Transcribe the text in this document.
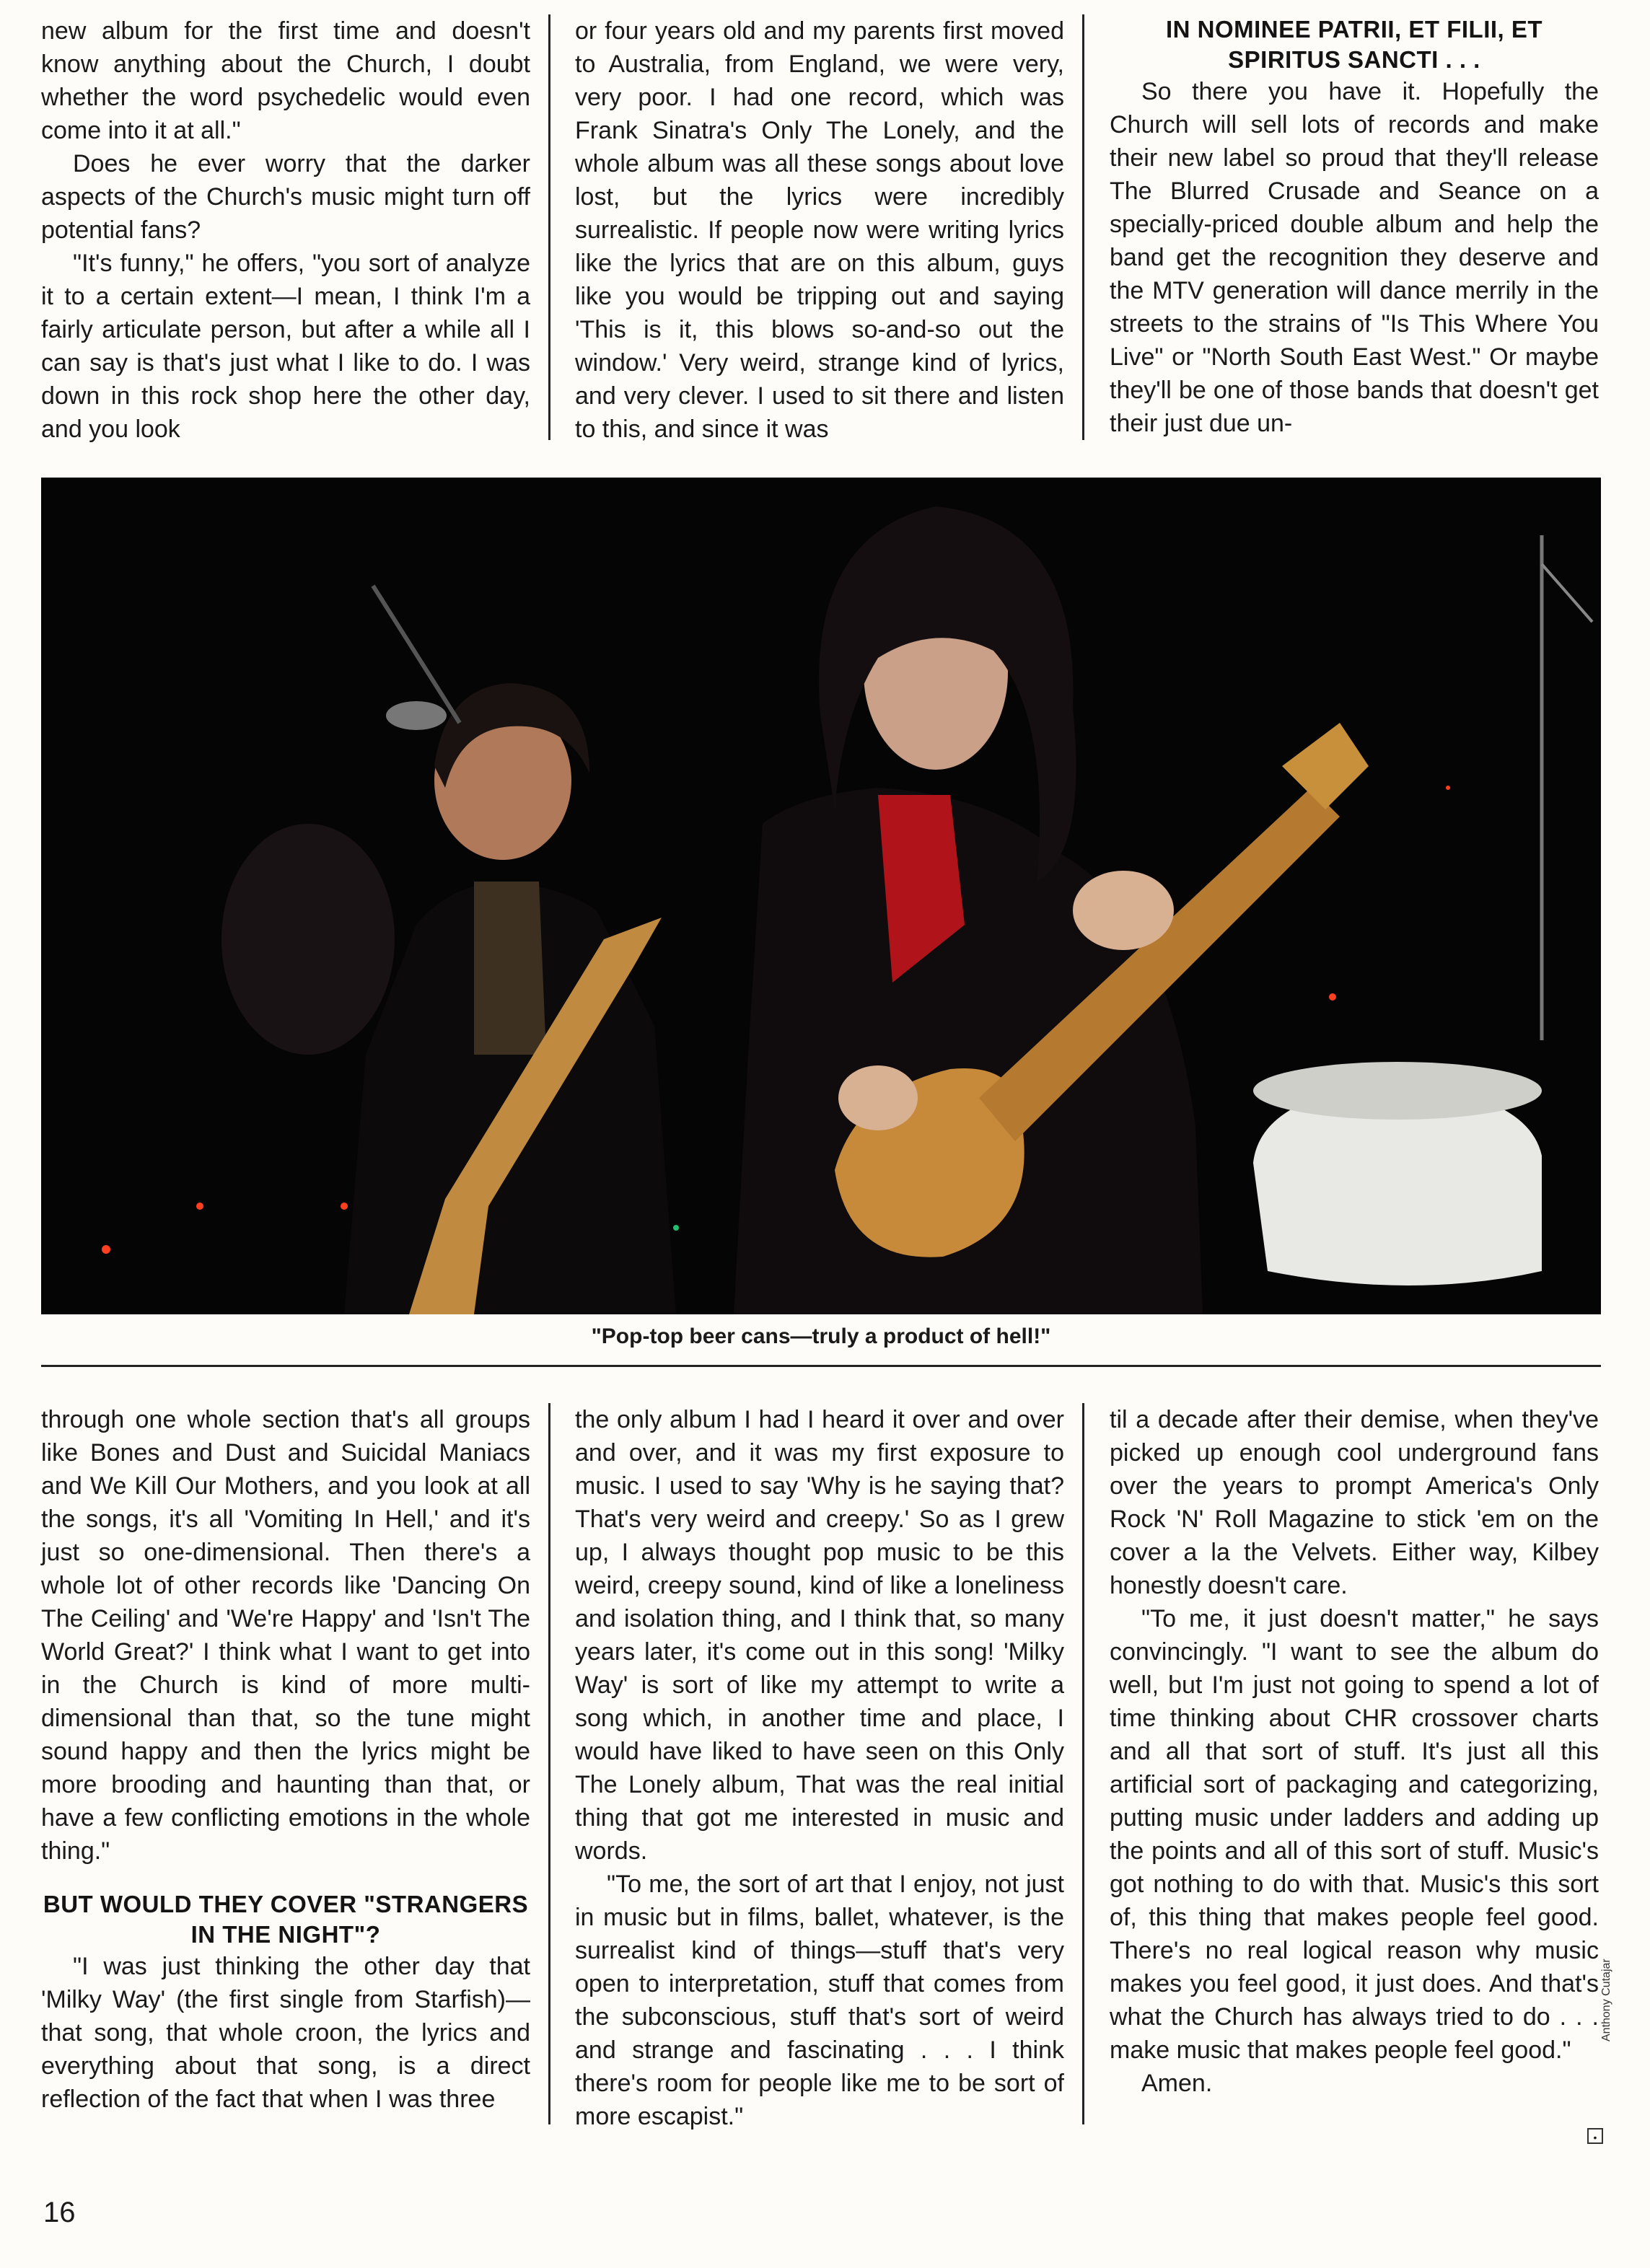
new album for the first time and doesn't know anything about the Church, I doubt whether the word psychedelic would even come into it at all."

Does he ever worry that the darker aspects of the Church's music might turn off potential fans?

"It's funny," he offers, "you sort of analyze it to a certain extent—I mean, I think I'm a fairly articulate person, but after a while all I can say is that's just what I like to do. I was down in this rock shop here the other day, and you look

or four years old and my parents first moved to Australia, from England, we were very, very poor. I had one record, which was Frank Sinatra's Only The Lonely, and the whole album was all these songs about love lost, but the lyrics were incredibly surrealistic. If people now were writing lyrics like the lyrics that are on this album, guys like you would be tripping out and saying 'This is it, this blows so-and-so out the window.' Very weird, strange kind of lyrics, and very clever. I used to sit there and listen to this, and since it was

IN NOMINEE PATRII, ET FILII, ET SPIRITUS SANCTI . . .

So there you have it. Hopefully the Church will sell lots of records and make their new label so proud that they'll release The Blurred Crusade and Seance on a specially-priced double album and help the band get the recognition they deserve and the MTV generation will dance merrily in the streets to the strains of "Is This Where You Live" or "North South East West." Or maybe they'll be one of those bands that doesn't get their just due un-

"Pop-top beer cans—truly a product of hell!"

through one whole section that's all groups like Bones and Dust and Suicidal Maniacs and We Kill Our Mothers, and you look at all the songs, it's all 'Vomiting In Hell,' and it's just so one-dimensional. Then there's a whole lot of other records like 'Dancing On The Ceiling' and 'We're Happy' and 'Isn't The World Great?' I think what I want to get into in the Church is kind of more multi-dimensional than that, so the tune might sound happy and then the lyrics might be more brooding and haunting than that, or have a few conflicting emotions in the whole thing."

BUT WOULD THEY COVER "STRANGERS IN THE NIGHT"?

"I was just thinking the other day that 'Milky Way' (the first single from Starfish)—that song, that whole croon, the lyrics and everything about that song, is a direct reflection of the fact that when I was three

the only album I had I heard it over and over and over, and it was my first exposure to music. I used to say 'Why is he saying that? That's very weird and creepy.' So as I grew up, I always thought pop music to be this weird, creepy sound, kind of like a loneliness and isolation thing, and I think that, so many years later, it's come out in this song! 'Milky Way' is sort of like my attempt to write a song which, in another time and place, I would have liked to have seen on this Only The Lonely album, That was the real initial thing that got me interested in music and words.

"To me, the sort of art that I enjoy, not just in music but in films, ballet, whatever, is the surrealist kind of things—stuff that's very open to interpretation, stuff that comes from the subconscious, stuff that's sort of weird and strange and fascinating . . . I think there's room for people like me to be sort of more escapist."

til a decade after their demise, when they've picked up enough cool underground fans over the years to prompt America's Only Rock 'N' Roll Magazine to stick 'em on the cover a la the Velvets. Either way, Kilbey honestly doesn't care.

"To me, it just doesn't matter," he says convincingly. "I want to see the album do well, but I'm just not going to spend a lot of time thinking about CHR crossover charts and all that sort of stuff. It's just all this artificial sort of packaging and categorizing, putting music under ladders and adding up the points and all of this sort of stuff. Music's got nothing to do with that. Music's this sort of, this thing that makes people feel good. There's no real logical reason why music makes you feel good, it just does. And that's what the Church has always tried to do . . . make music that makes people feel good."

Amen.

•
Anthony Cutajar
16
